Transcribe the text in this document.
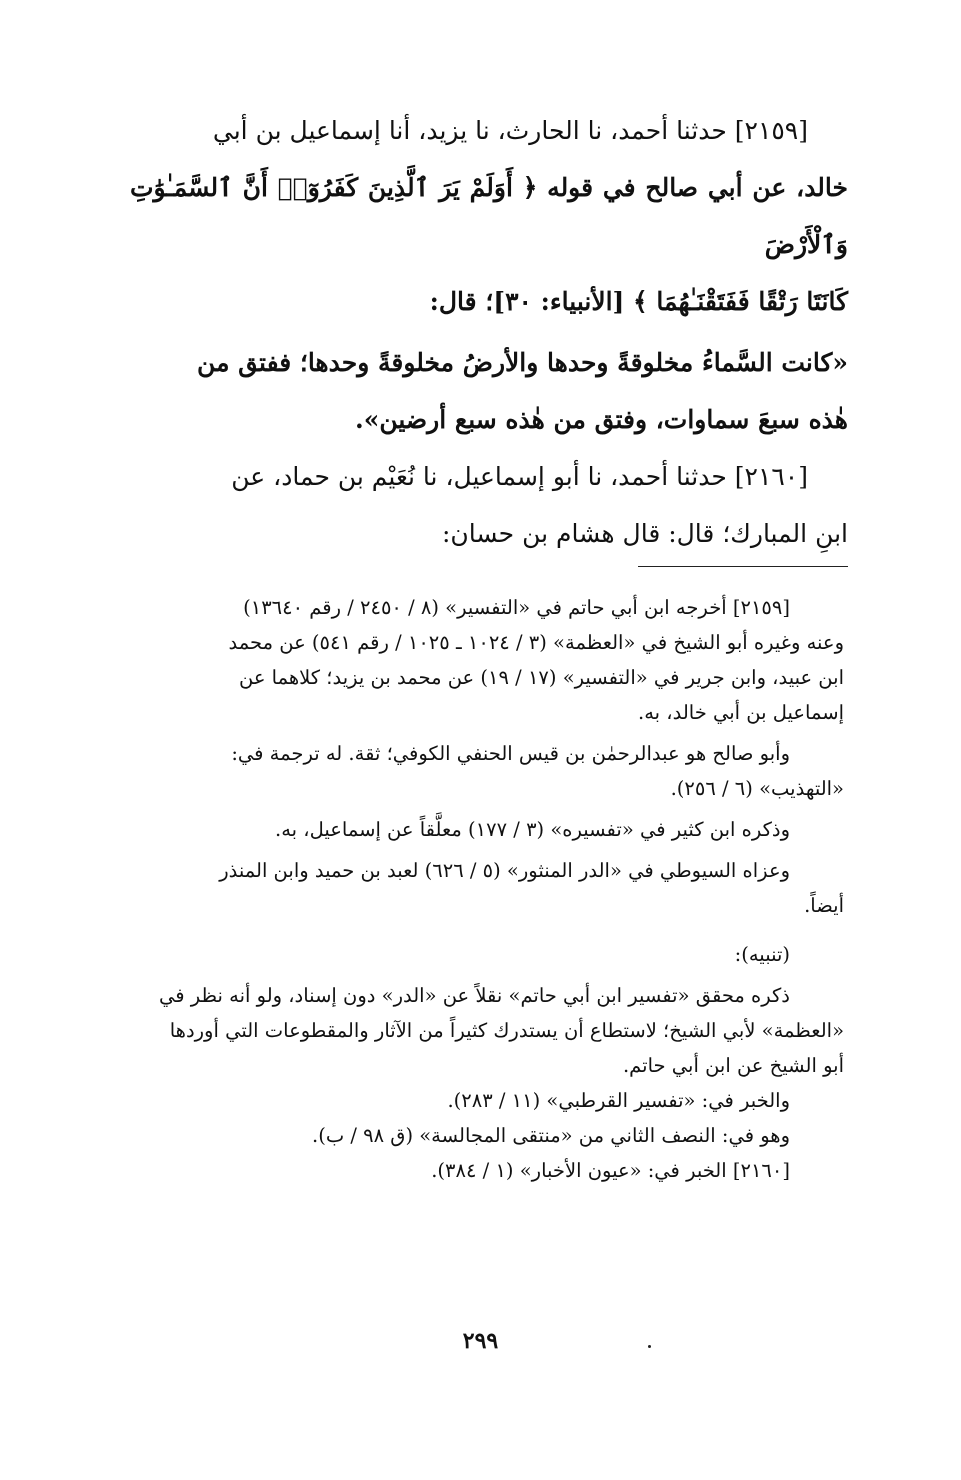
[٢١٥٩] حدثنا أحمد، نا الحارث، نا يزيد، أنا إسماعيل بن أبي
خالد، عن أبي صالح في قوله ﴿ أَوَلَمْ يَرَ ٱلَّذِينَ كَفَرُوٓا۟ أَنَّ ٱلسَّمَـٰوَٰتِ وَٱلْأَرْضَ
كَانَتَا رَتْقًا فَفَتَقْنَـٰهُمَا ﴾ [الأنبياء: ٣٠]؛ قال:

«كانت السَّماءُ مخلوقةً وحدها والأرضُ مخلوقةً وحدها؛ ففتق من
هٰذه سبعَ سماوات، وفتق من هٰذه سبع أرضين».

[٢١٦٠] حدثنا أحمد، نا أبو إسماعيل، نا نُعَيْم بن حماد، عن
ابنِ المبارك؛ قال: قال هشام بن حسان:

[٢١٥٩] أخرجه ابن أبي حاتم في «التفسير» (٨ / ٢٤٥٠ / رقم ١٣٦٤٠)
وعنه وغيره أبو الشيخ في «العظمة» (٣ / ١٠٢٤ ـ ١٠٢٥ / رقم ٥٤١) عن محمد
ابن عبيد، وابن جرير في «التفسير» (١٧ / ١٩) عن محمد بن يزيد؛ كلاهما عن
إسماعيل بن أبي خالد، به.

وأبو صالح هو عبدالرحمٰن بن قيس الحنفي الكوفي؛ ثقة. له ترجمة في:
«التهذيب» (٦ / ٢٥٦).

وذكره ابن كثير في «تفسيره» (٣ / ١٧٧) معلَّقاً عن إسماعيل، به.

وعزاه السيوطي في «الدر المنثور» (٥ / ٦٢٦) لعبد بن حميد وابن المنذر
أيضاً.

(تنبيه):

ذكره محقق «تفسير ابن أبي حاتم» نقلاً عن «الدر» دون إسناد، ولو أنه نظر في
«العظمة» لأبي الشيخ؛ لاستطاع أن يستدرك كثيراً من الآثار والمقطوعات التي أوردها
أبو الشيخ عن ابن أبي حاتم.

والخبر في: «تفسير القرطبي» (١١ / ٢٨٣).

وهو في: النصف الثاني من «منتقى المجالسة» (ق ٩٨ / ب).

[٢١٦٠] الخبر في: «عيون الأخبار» (١ / ٣٨٤).

٢٩٩
